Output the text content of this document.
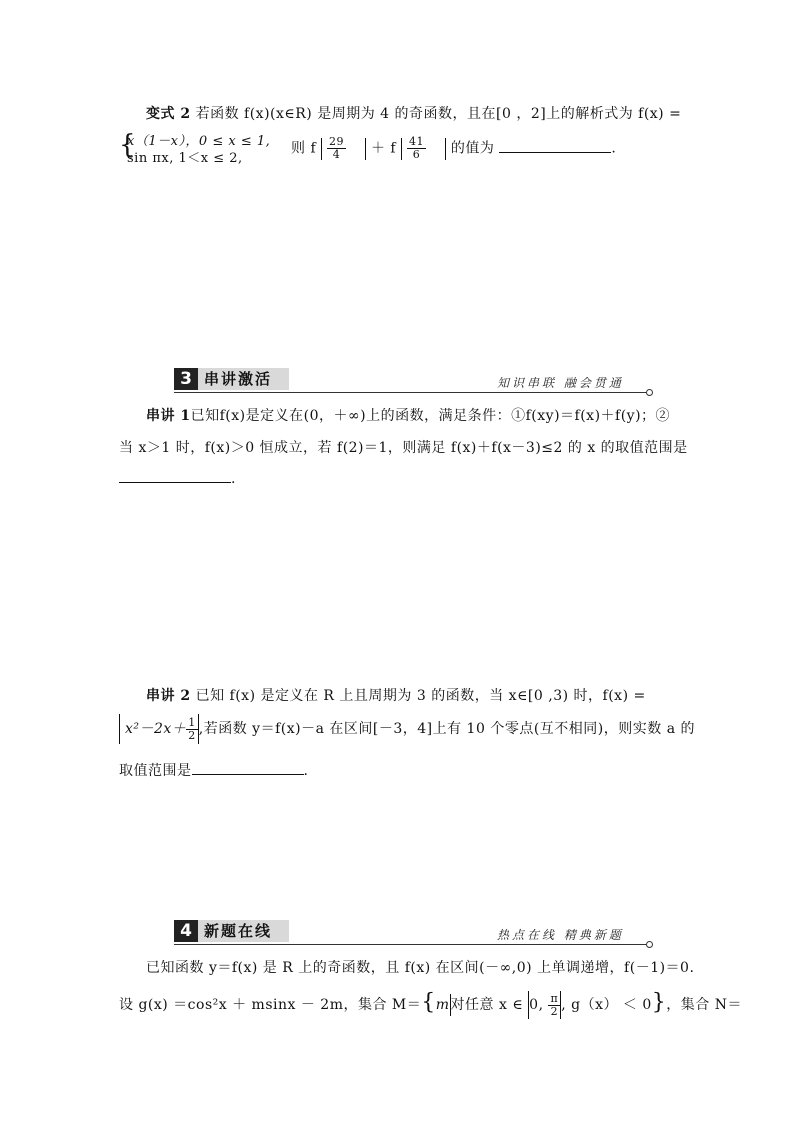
变式 2 若函数 f(x)(x∈R) 是周期为 4 的奇函数，且在[0 ，2]上的解析式为 f(x) =
{
x（1－x），0 ≤ x ≤ 1,
sin πx, 1＜x ≤ 2,
则 f $\frac{29}{4} + f \frac{41}{6}$ 的值为	.
3 串讲激活	知识串联 融会贯通
串讲 1已知f(x)是定义在(0，＋∞)上的函数，满足条件：①f(xy)＝f(x)＋f(y)；②
当 x＞1 时，f(x)＞0 恒成立，若 f(2)＝1，则满足 f(x)＋f(x－3)≤2 的 x 的取值范围是
.
串讲 2 已知 f(x) 是定义在 R 上且周期为 3 的函数，当 x∈[0 ,3) 时，f(x) =
$x^2-2x+ \frac{1}{2}$ ,若函数 y＝f(x)－a 在区间[－3，4]上有 10 个零点(互不相同)，则实数 a 的
取值范围是	.
4 新题在线	热点在线 精典新题
已知函数 y＝f(x) 是 R 上的奇函数，且 f(x) 在区间(－∞,0) 上单调递增，f(－1)＝0.
设 g(x) ＝cos²x ＋ msinx － 2m，集合 M＝{m对任意 x ∈ 0, $\frac{\pi}{2}$ , g（x） ＜ 0}，集合 N＝
